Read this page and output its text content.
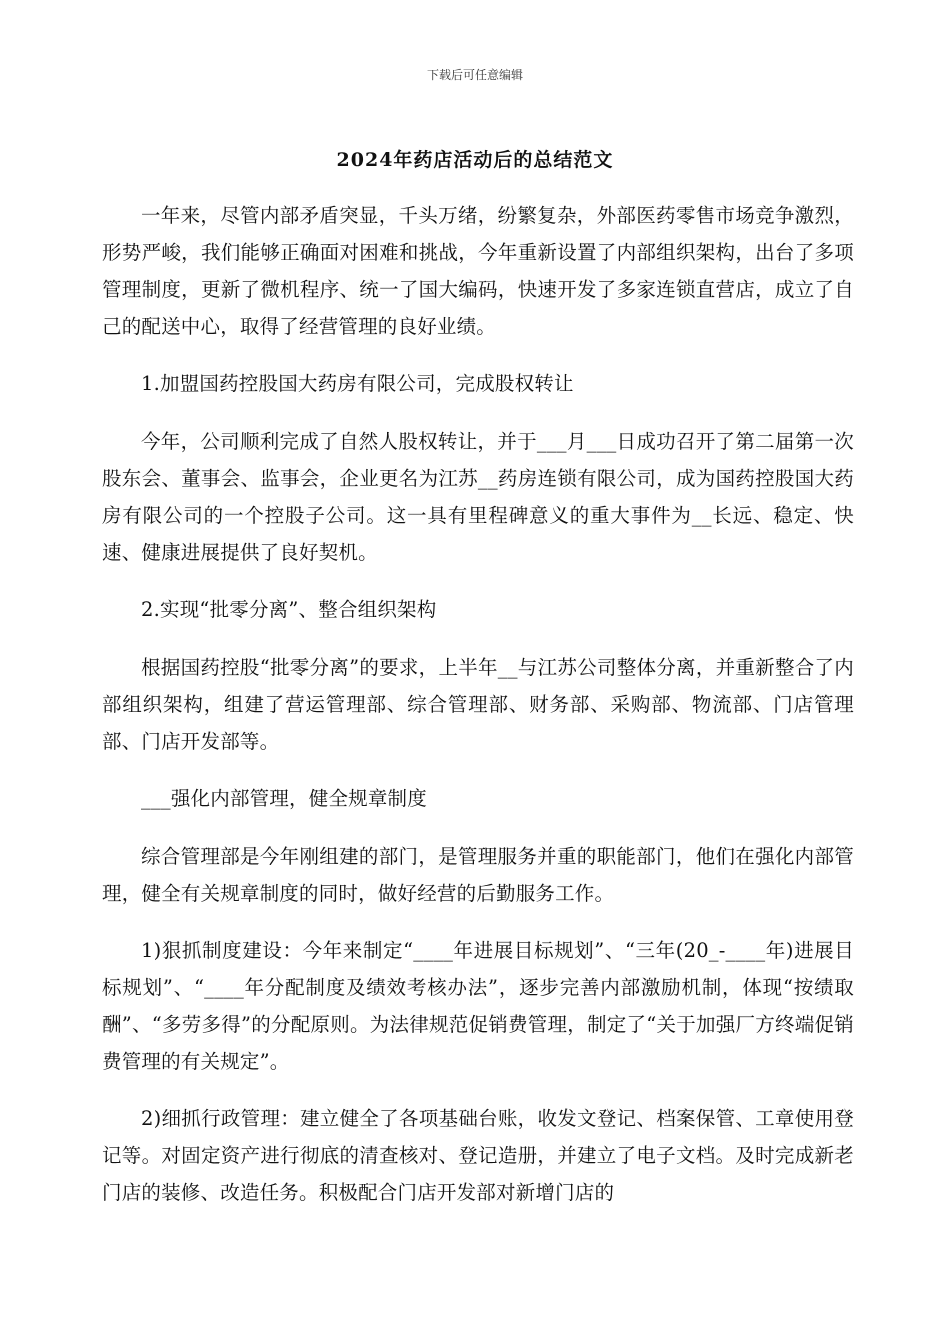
下载后可任意编辑
2024年药店活动后的总结范文

一年来，尽管内部矛盾突显，千头万绪，纷繁复杂，外部医药零售市场竞争激烈，形势严峻，我们能够正确面对困难和挑战，今年重新设置了内部组织架构，出台了多项管理制度，更新了微机程序、统一了国大编码，快速开发了多家连锁直营店，成立了自己的配送中心，取得了经营管理的良好业绩。

1.加盟国药控股国大药房有限公司，完成股权转让

今年，公司顺利完成了自然人股权转让，并于___月___日成功召开了第二届第一次股东会、董事会、监事会，企业更名为江苏__药房连锁有限公司，成为国药控股国大药房有限公司的一个控股子公司。这一具有里程碑意义的重大事件为__长远、稳定、快速、健康进展提供了良好契机。

2.实现“批零分离”、整合组织架构

根据国药控股“批零分离”的要求，上半年__与江苏公司整体分离，并重新整合了内部组织架构，组建了营运管理部、综合管理部、财务部、采购部、物流部、门店管理部、门店开发部等。

___强化内部管理，健全规章制度

综合管理部是今年刚组建的部门，是管理服务并重的职能部门，他们在强化内部管理，健全有关规章制度的同时，做好经营的后勤服务工作。

1)狠抓制度建设：今年来制定“____年进展目标规划”、“三年(20_-____年)进展目标规划”、“____年分配制度及绩效考核办法”，逐步完善内部激励机制，体现“按绩取酬”、“多劳多得”的分配原则。为法律规范促销费管理，制定了“关于加强厂方终端促销费管理的有关规定”。

2)细抓行政管理：建立健全了各项基础台账，收发文登记、档案保管、工章使用登记等。对固定资产进行彻底的清查核对、登记造册，并建立了电子文档。及时完成新老门店的装修、改造任务。积极配合门店开发部对新增门店的
